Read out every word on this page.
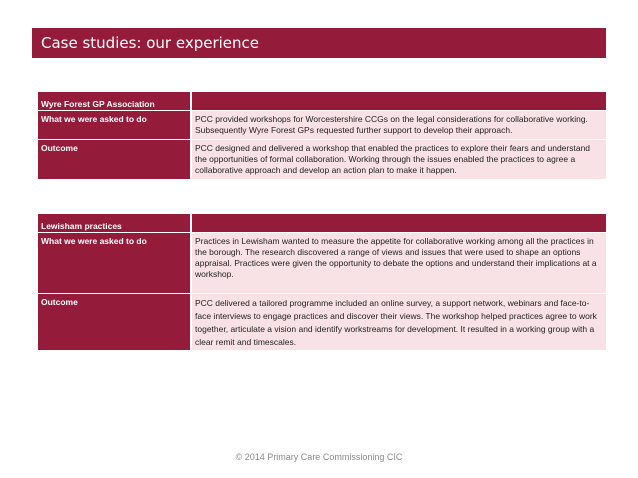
Case studies: our experience
Wyre Forest GP Association
What we were asked to do	PCC provided workshops for Worcestershire CCGs on the legal considerations for collaborative working. Subsequently Wyre Forest GPs requested further support to develop their approach.
Outcome	PCC designed and delivered a workshop that enabled the practices to explore their fears and understand the opportunities of formal collaboration. Working through the issues enabled the practices to agree a collaborative approach and develop an action plan to make it happen.
Lewisham practices
What we were asked to do	Practices in Lewisham wanted to measure the appetite for collaborative working among all the practices in the borough. The research discovered a range of views and issues that were used to shape an options appraisal. Practices were given the opportunity to debate the options and understand their implications at a workshop.
Outcome	PCC delivered a tailored programme included an online survey, a support network, webinars and face-to-face interviews to engage practices and discover their views. The workshop helped practices agree to work together, articulate a vision and identify workstreams for development. It resulted in a working group with a clear remit and timescales.
© 2014 Primary Care Commissioning CIC
